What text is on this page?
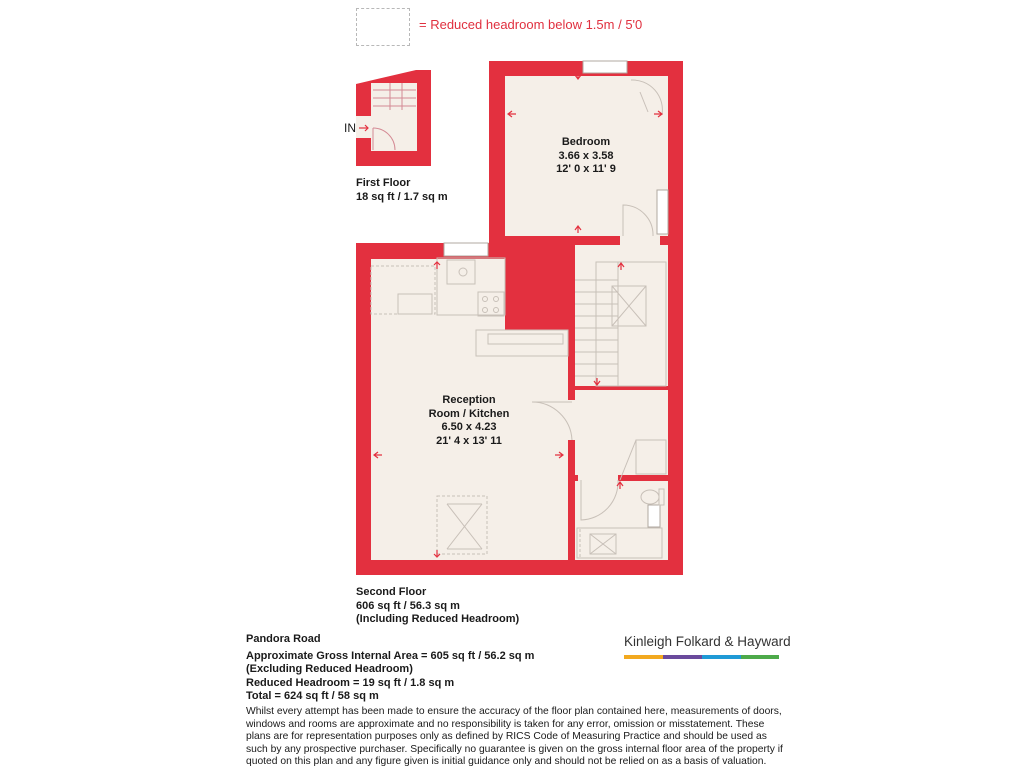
= Reduced headroom below 1.5m / 5'0
IN
Bedroom
3.66 x 3.58
12' 0 x 11' 9
Reception
Room / Kitchen
6.50 x 4.23
21' 4 x 13' 11
First Floor
18 sq ft / 1.7 sq m
Second Floor
606 sq ft / 56.3 sq m
(Including Reduced Headroom)
Pandora Road
Approximate Gross Internal Area = 605 sq ft / 56.2 sq m
(Excluding Reduced Headroom)
Reduced Headroom = 19 sq ft / 1.8 sq m
Total = 624 sq ft / 58 sq m
Kinleigh Folkard & Hayward
Whilst every attempt has been made to ensure the accuracy of the floor plan contained here, measurements of doors, windows and rooms are approximate and no responsibility is taken for any error, omission or misstatement. These plans are for representation purposes only as defined by RICS Code of Measuring Practice and should be used as such by any prospective purchaser. Specifically no guarantee is given on the gross internal floor area of the property if quoted on this plan and any figure given is initial guidance only and should not be relied on as a basis of valuation.
